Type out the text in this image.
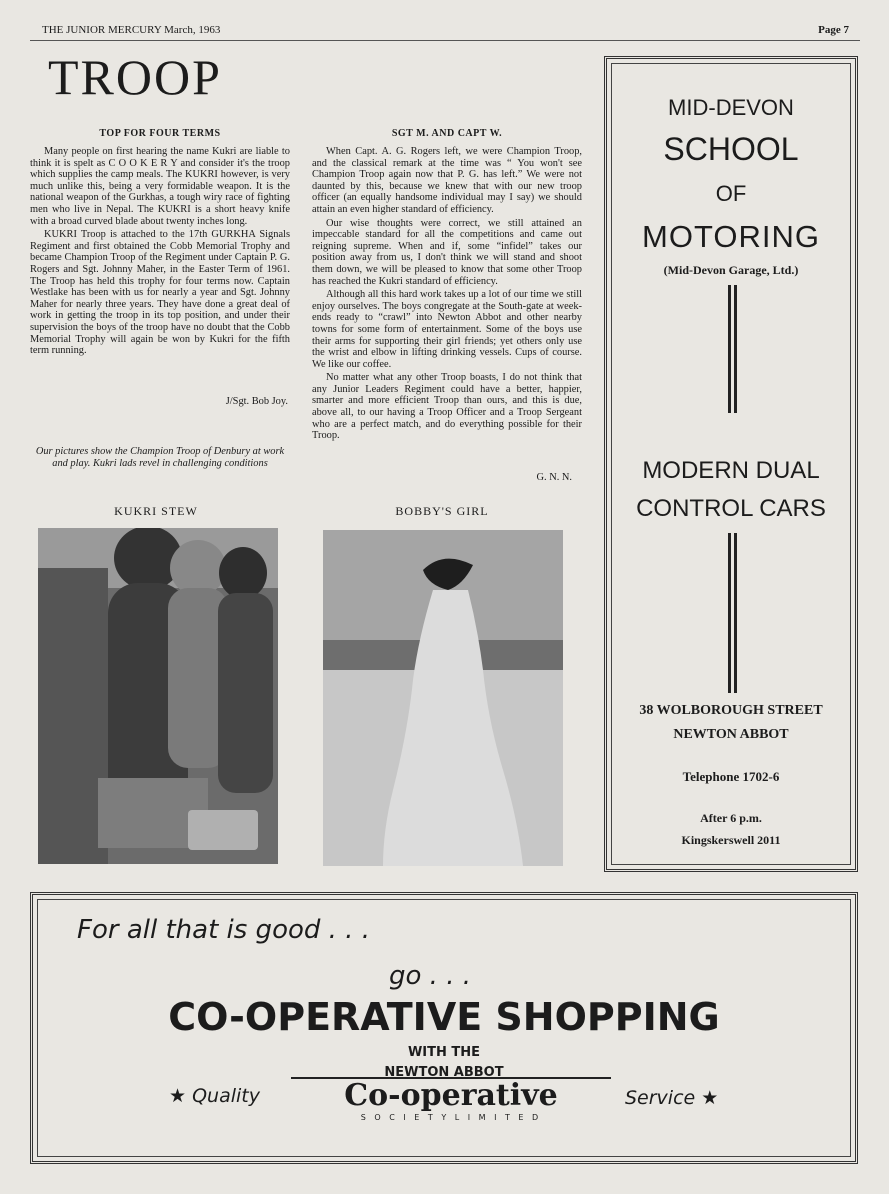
THE JUNIOR MERCURY March, 1963	Page 7
TROOP
TOP FOR FOUR TERMS

Many people on first hearing the name Kukri are liable to think it is spelt as C O O K E R Y and consider it's the troop which supplies the camp meals. The KUKRI however, is very much unlike this, being a very formidable weapon. It is the national weapon of the Gurkhas, a tough wiry race of fighting men who live in Nepal. The KUKRI is a short heavy knife with a broad curved blade about twenty inches long.

KUKRI Troop is attached to the 17th GURKHA Signals Regiment and first obtained the Cobb Memorial Trophy and became Champion Troop of the Regiment under Captain P. G. Rogers and Sgt. Johnny Maher, in the Easter Term of 1961. The Troop has held this trophy for four terms now. Captain Westlake has been with us for nearly a year and Sgt. Johnny Maher for nearly three years. They have done a great deal of work in getting the troop in its top position, and under their supervision the boys of the troop have no doubt that the Cobb Memorial Trophy will again be won by Kukri for the fifth term running.

J/Sgt. Bob Joy.
Our pictures show the Champion Troop of Denbury at work and play. Kukri lads revel in challenging conditions
SGT M. AND CAPT W.

When Capt. A. G. Rogers left, we were Champion Troop, and the classical remark at the time was “ You won't see Champion Troop again now that P. G. has left.” We were not daunted by this, because we knew that with our new troop officer (an equally handsome individual may I say) we should attain an even higher standard of efficiency.

Our wise thoughts were correct, we still attained an impeccable standard for all the competitions and came out reigning supreme. When and if, some “infidel” takes our position away from us, I don't think we will stand and shoot them down, we will be pleased to know that some other Troop has reached the Kukri standard of efficiency.

Although all this hard work takes up a lot of our time we still enjoy ourselves. The boys congregate at the South-gate at week-ends ready to “crawl” into Newton Abbot and other nearby towns for some form of entertainment. Some of the boys use their arms for supporting their girl friends; yet others only use the wrist and elbow in lifting drinking vessels. Cups of course. We like our coffee.

No matter what any other Troop boasts, I do not think that any Junior Leaders Regiment could have a better, happier, smarter and more efficient Troop than ours, and this is due, above all, to our having a Troop Officer and a Troop Sergeant who are a perfect match, and do everything possible for their Troop.

G. N. N.
KUKRI STEW	BOBBY'S GIRL
MID-DEVON
SCHOOL
OF
MOTORING
(Mid-Devon Garage, Ltd.)
MODERN DUAL
CONTROL CARS
38 WOLBOROUGH STREET
NEWTON ABBOT
Telephone 1702-6
After 6 p.m.
Kingskerswell 2011
For all that is good . . .
go . . .
CO-OPERATIVE SHOPPING
WITH THE
NEWTON ABBOT
★ Quality	Service ★
Co-operative
S O C I E T Y L I M I T E D
